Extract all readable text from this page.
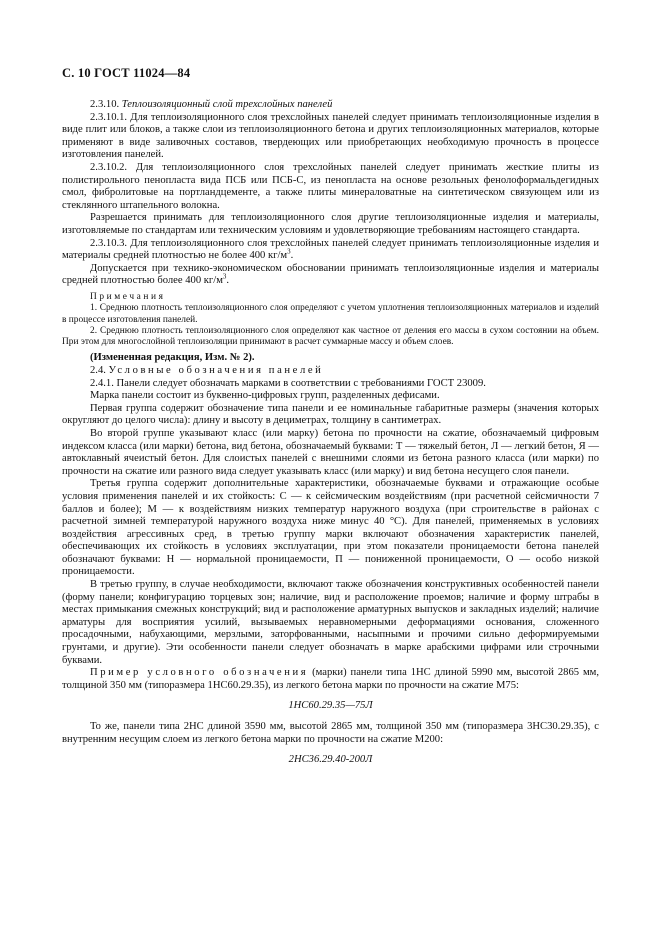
С. 10 ГОСТ 11024—84

2.3.10. Теплоизоляционный слой трехслойных панелей

2.3.10.1. Для теплоизоляционного слоя трехслойных панелей следует принимать теплоизоляционные изделия в виде плит или блоков, а также слои из теплоизоляционного бетона и других теплоизоляционных материалов, которые применяют в виде заливочных составов, твердеющих или приобретающих необходимую прочность в процессе изготовления панелей.

2.3.10.2. Для теплоизоляционного слоя трехслойных панелей следует принимать жесткие плиты из полистирольного пенопласта вида ПСБ или ПСБ-С, из пенопласта на основе резольных фенолоформальдегидных смол, фибролитовые на портландцементе, а также плиты минераловатные на синтетическом связующем или из стеклянного штапельного волокна.

Разрешается принимать для теплоизоляционного слоя другие теплоизоляционные изделия и материалы, изготовляемые по стандартам или техническим условиям и удовлетворяющие требованиям настоящего стандарта.

2.3.10.3. Для теплоизоляционного слоя трехслойных панелей следует принимать теплоизоляционные изделия и материалы средней плотностью не более 400 $кг/м^3$.

Допускается при технико-экономическом обосновании принимать теплоизоляционные изделия и материалы средней плотностью более 400 $кг/м^3$.

Примечания

1. Среднюю плотность теплоизоляционного слоя определяют с учетом уплотнения теплоизоляционных материалов и изделий в процессе изготовления панелей.

2. Среднюю плотность теплоизоляционного слоя определяют как частное от деления его массы в сухом состоянии на объем. При этом для многослойной теплоизоляции принимают в расчет суммарные массу и объем слоев.

(Измененная редакция, Изм. № 2).

2.4. Условные обозначения панелей

2.4.1. Панели следует обозначать марками в соответствии с требованиями ГОСТ 23009.

Марка панели состоит из буквенно-цифровых групп, разделенных дефисами.

Первая группа содержит обозначение типа панели и ее номинальные габаритные размеры (значения которых округляют до целого числа): длину и высоту в дециметрах, толщину в сантиметрах.

Во второй группе указывают класс (или марку) бетона по прочности на сжатие, обозначаемый цифровым индексом класса (или марки) бетона, вид бетона, обозначаемый буквами: Т — тяжелый бетон, Л — легкий бетон, Я — автоклавный ячеистый бетон. Для слоистых панелей с внешними слоями из бетона разного класса (или марки) по прочности на сжатие или разного вида следует указывать класс (или марку) и вид бетона несущего слоя панели.

Третья группа содержит дополнительные характеристики, обозначаемые буквами и отражающие особые условия применения панелей и их стойкость: С — к сейсмическим воздействиям (при расчетной сейсмичности 7 баллов и более); М — к воздействиям низких температур наружного воздуха (при строительстве в районах с расчетной зимней температурой наружного воздуха ниже минус 40 °С). Для панелей, применяемых в условиях воздействия агрессивных сред, в третью группу марки включают обозначения характеристик панелей, обеспечивающих их стойкость в условиях эксплуатации, при этом показатели проницаемости бетона панелей обозначают буквами: Н — нормальной проницаемости, П — пониженной проницаемости, О — особо низкой проницаемости.

В третью группу, в случае необходимости, включают также обозначения конструктивных особенностей панели (форму панели; конфигурацию торцевых зон; наличие, вид и расположение проемов; наличие и форму штрабы в местах примыкания смежных конструкций; вид и расположение арматурных выпусков и закладных изделий; наличие арматуры для восприятия усилий, вызываемых неравномерными деформациями основания, сложенного просадочными, набухающими, мерзлыми, заторфованными, насыпными и прочими сильно деформируемыми грунтами, и другие). Эти особенности панели следует обозначать в марке арабскими цифрами или строчными буквами.

Пример условного обозначения (марки) панели типа 1НС длиной 5990 мм, высотой 2865 мм, толщиной 350 мм (типоразмера 1НС60.29.35), из легкого бетона марки по прочности на сжатие М75:

1НС60.29.35—75Л

То же, панели типа 2НС длиной 3590 мм, высотой 2865 мм, толщиной 350 мм (типоразмера 3НС30.29.35), с внутренним несущим слоем из легкого бетона марки по прочности на сжатие М200:

2НС36.29.40-200Л
